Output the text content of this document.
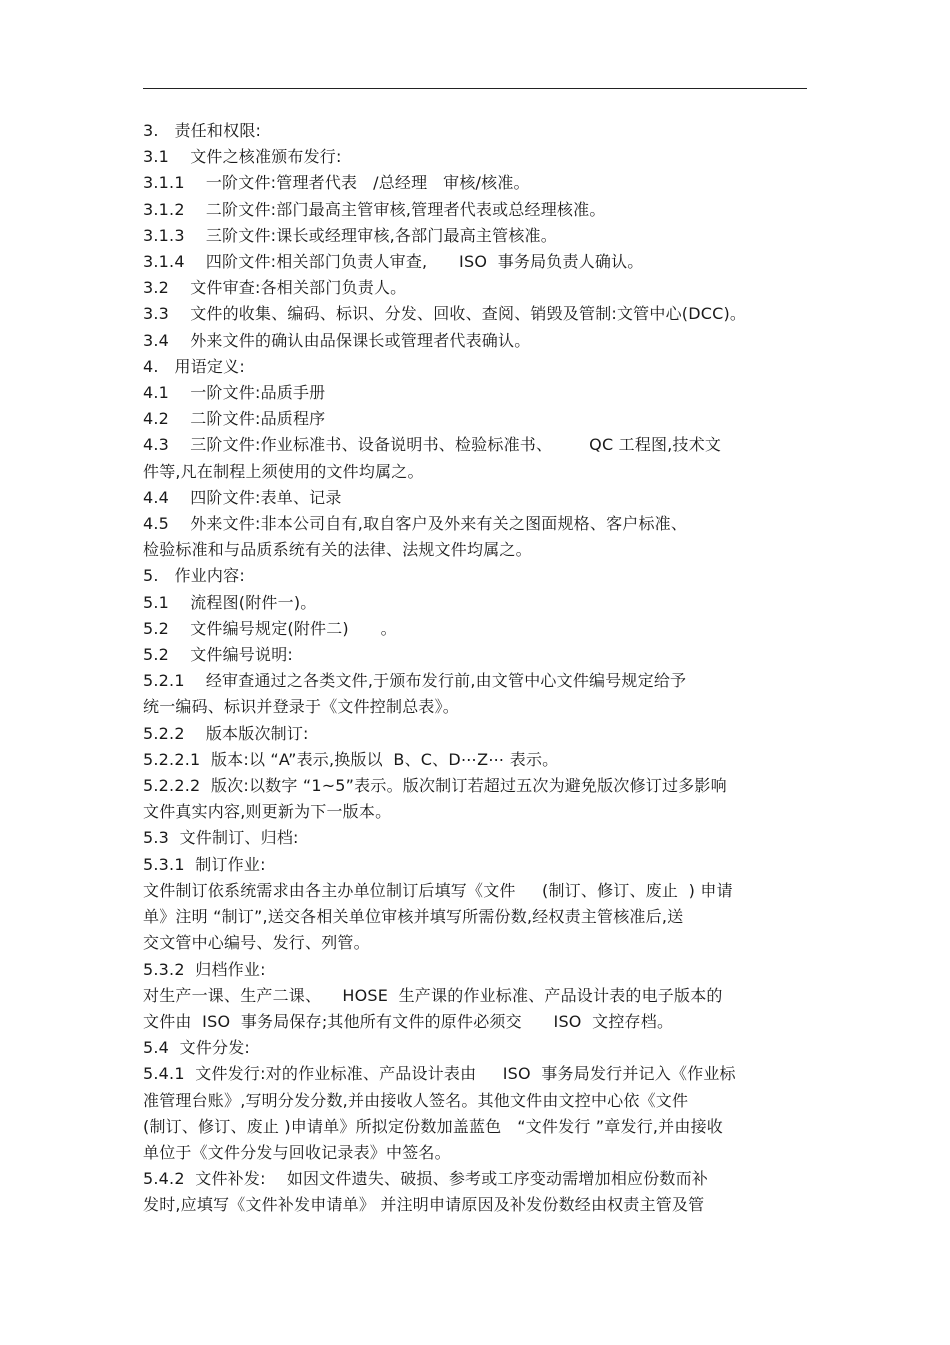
3.   责任和权限:
3.1    文件之核准颁布发行:
3.1.1    一阶文件:管理者代表   /总经理   审核/核准。
3.1.2    二阶文件:部门最高主管审核,管理者代表或总经理核准。
3.1.3    三阶文件:课长或经理审核,各部门最高主管核准。
3.1.4    四阶文件:相关部门负责人审查,      ISO  事务局负责人确认。
3.2    文件审查:各相关部门负责人。
3.3    文件的收集、编码、标识、分发、回收、查阅、销毁及管制:文管中心(DCC)。
3.4    外来文件的确认由品保课长或管理者代表确认。
4.   用语定义:
4.1    一阶文件:品质手册
4.2    二阶文件:品质程序
4.3    三阶文件:作业标准书、设备说明书、检验标准书、       QC 工程图,技术文
件等,凡在制程上须使用的文件均属之。
4.4    四阶文件:表单、记录
4.5    外来文件:非本公司自有,取自客户及外来有关之图面规格、客户标准、
检验标准和与品质系统有关的法律、法规文件均属之。
5.   作业内容:
5.1    流程图(附件一)。
5.2    文件编号规定(附件二)      。
5.2    文件编号说明:
5.2.1    经审查通过之各类文件,于颁布发行前,由文管中心文件编号规定给予
统一编码、标识并登录于《文件控制总表》。
5.2.2    版本版次制订:
5.2.2.1  版本:以 “A”表示,换版以  B、C、D⋯Z⋯ 表示。
5.2.2.2  版次:以数字 “1~5”表示。版次制订若超过五次为避免版次修订过多影响
文件真实内容,则更新为下一版本。
5.3  文件制订、归档:
5.3.1  制订作业:
文件制订依系统需求由各主办单位制订后填写《文件     (制订、修订、废止  ) 申请
单》注明 “制订”,送交各相关单位审核并填写所需份数,经权责主管核准后,送
交文管中心编号、发行、列管。
5.3.2  归档作业:
对生产一课、生产二课、    HOSE  生产课的作业标准、产品设计表的电子版本的
文件由  ISO  事务局保存;其他所有文件的原件必须交      ISO  文控存档。
5.4  文件分发:
5.4.1  文件发行:对的作业标准、产品设计表由     ISO  事务局发行并记入《作业标
准管理台账》,写明分发分数,并由接收人签名。其他文件由文控中心依《文件
(制订、修订、废止 )申请单》所拟定份数加盖蓝色   “文件发行 ”章发行,并由接收
单位于《文件分发与回收记录表》中签名。
5.4.2  文件补发:    如因文件遗失、破损、参考或工序变动需增加相应份数而补
发时,应填写《文件补发申请单》 并注明申请原因及补发份数经由权责主管及管
